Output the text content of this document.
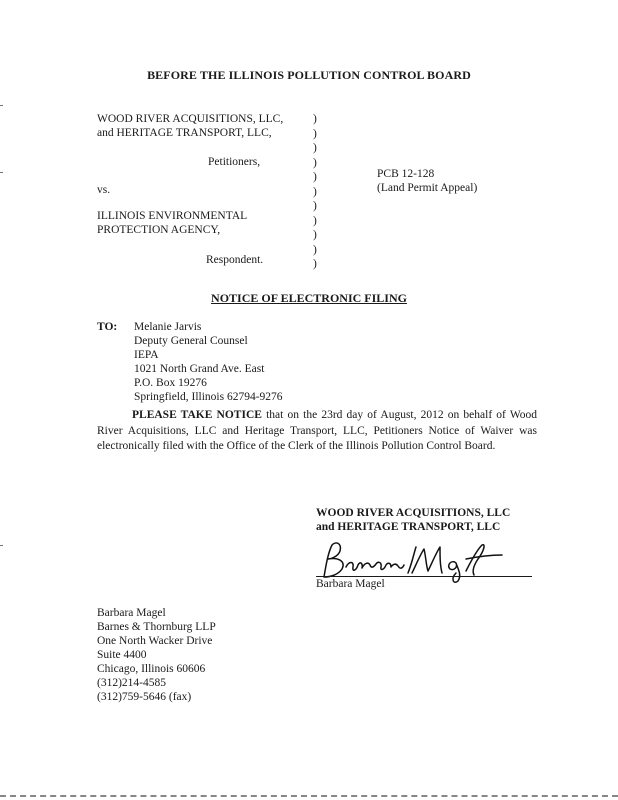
BEFORE THE ILLINOIS POLLUTION CONTROL BOARD
WOOD RIVER ACQUISITIONS, LLC,
and HERITAGE TRANSPORT, LLC,
Petitioners,
vs.
ILLINOIS ENVIRONMENTAL
PROTECTION AGENCY,
Respondent.
)
)
)
)
)
)
)
)
)
)
)
PCB 12-128
(Land Permit Appeal)
NOTICE OF ELECTRONIC FILING
TO: Melanie Jarvis
Deputy General Counsel
IEPA
1021 North Grand Ave. East
P.O. Box 19276
Springfield, Illinois 62794-9276
PLEASE TAKE NOTICE that on the 23rd day of August, 2012 on behalf of Wood River Acquisitions, LLC and Heritage Transport, LLC, Petitioners Notice of Waiver was electronically filed with the Office of the Clerk of the Illinois Pollution Control Board.
WOOD RIVER ACQUISITIONS, LLC
and HERITAGE TRANSPORT, LLC
Barbara Magel
Barbara Magel
Barnes & Thornburg LLP
One North Wacker Drive
Suite 4400
Chicago, Illinois 60606
(312)214-4585
(312)759-5646 (fax)
